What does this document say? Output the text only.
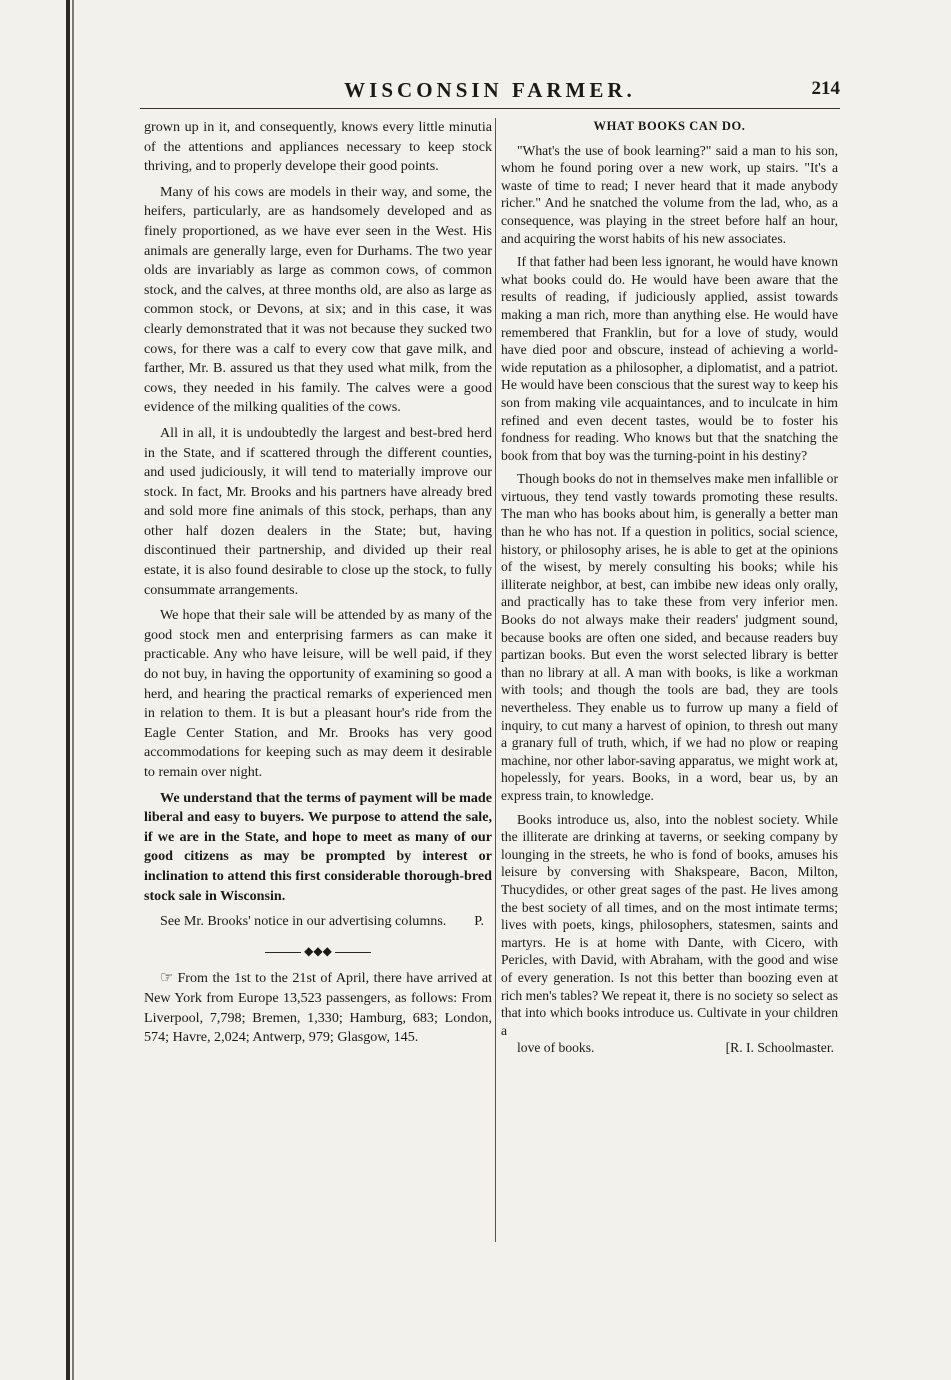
WISCONSIN FARMER.	214

grown up in it, and consequently, knows every little minutia of the attentions and appliances necessary to keep stock thriving, and to properly develope their good points.

Many of his cows are models in their way, and some, the heifers, particularly, are as handsomely developed and as finely proportioned, as we have ever seen in the West. His animals are generally large, even for Durhams. The two year olds are invariably as large as common cows, of common stock, and the calves, at three months old, are also as large as common stock, or Devons, at six; and in this case, it was clearly demonstrated that it was not because they sucked two cows, for there was a calf to every cow that gave milk, and farther, Mr. B. assured us that they used what milk, from the cows, they needed in his family. The calves were a good evidence of the milking qualities of the cows.

All in all, it is undoubtedly the largest and best-bred herd in the State, and if scattered through the different counties, and used judiciously, it will tend to materially improve our stock. In fact, Mr. Brooks and his partners have already bred and sold more fine animals of this stock, perhaps, than any other half dozen dealers in the State; but, having discontinued their partnership, and divided up their real estate, it is also found desirable to close up the stock, to fully consummate arrangements.

We hope that their sale will be attended by as many of the good stock men and enterprising farmers as can make it practicable. Any who have leisure, will be well paid, if they do not buy, in having the opportunity of examining so good a herd, and hearing the practical remarks of experienced men in relation to them. It is but a pleasant hour's ride from the Eagle Center Station, and Mr. Brooks has very good accommodations for keeping such as may deem it desirable to remain over night.

We understand that the terms of payment will be made liberal and easy to buyers. We purpose to attend the sale, if we are in the State, and hope to meet as many of our good citizens as may be prompted by interest or inclination to attend this first considerable thorough-bred stock sale in Wisconsin.

See Mr. Brooks' notice in our advertising columns.	P.

◆◆◆

☞ From the 1st to the 21st of April, there have arrived at New York from Europe 13,523 passengers, as follows: From Liverpool, 7,798; Bremen, 1,330; Hamburg, 683; London, 574; Havre, 2,024; Antwerp, 979; Glasgow, 145.

WHAT BOOKS CAN DO.

"What's the use of book learning?" said a man to his son, whom he found poring over a new work, up stairs. "It's a waste of time to read; I never heard that it made anybody richer." And he snatched the volume from the lad, who, as a consequence, was playing in the street before half an hour, and acquiring the worst habits of his new associates.

If that father had been less ignorant, he would have known what books could do. He would have been aware that the results of reading, if judiciously applied, assist towards making a man rich, more than anything else. He would have remembered that Franklin, but for a love of study, would have died poor and obscure, instead of achieving a world-wide reputation as a philosopher, a diplomatist, and a patriot. He would have been conscious that the surest way to keep his son from making vile acquaintances, and to inculcate in him refined and even decent tastes, would be to foster his fondness for reading. Who knows but that the snatching the book from that boy was the turning-point in his destiny?

Though books do not in themselves make men infallible or virtuous, they tend vastly towards promoting these results. The man who has books about him, is generally a better man than he who has not. If a question in politics, social science, history, or philosophy arises, he is able to get at the opinions of the wisest, by merely consulting his books; while his illiterate neighbor, at best, can imbibe new ideas only orally, and practically has to take these from very inferior men. Books do not always make their readers' judgment sound, because books are often one sided, and because readers buy partizan books. But even the worst selected library is better than no library at all. A man with books, is like a workman with tools; and though the tools are bad, they are tools nevertheless. They enable us to furrow up many a field of inquiry, to cut many a harvest of opinion, to thresh out many a granary full of truth, which, if we had no plow or reaping machine, nor other labor-saving apparatus, we might work at, hopelessly, for years. Books, in a word, bear us, by an express train, to knowledge.

Books introduce us, also, into the noblest society. While the illiterate are drinking at taverns, or seeking company by lounging in the streets, he who is fond of books, amuses his leisure by conversing with Shakspeare, Bacon, Milton, Thucydides, or other great sages of the past. He lives among the best society of all times, and on the most intimate terms; lives with poets, kings, philosophers, statesmen, saints and martyrs. He is at home with Dante, with Cicero, with Pericles, with David, with Abraham, with the good and wise of every generation. Is not this better than boozing even at rich men's tables? We repeat it, there is no society so select as that into which books introduce us. Cultivate in your children a

love of books.	[R. I. Schoolmaster.
